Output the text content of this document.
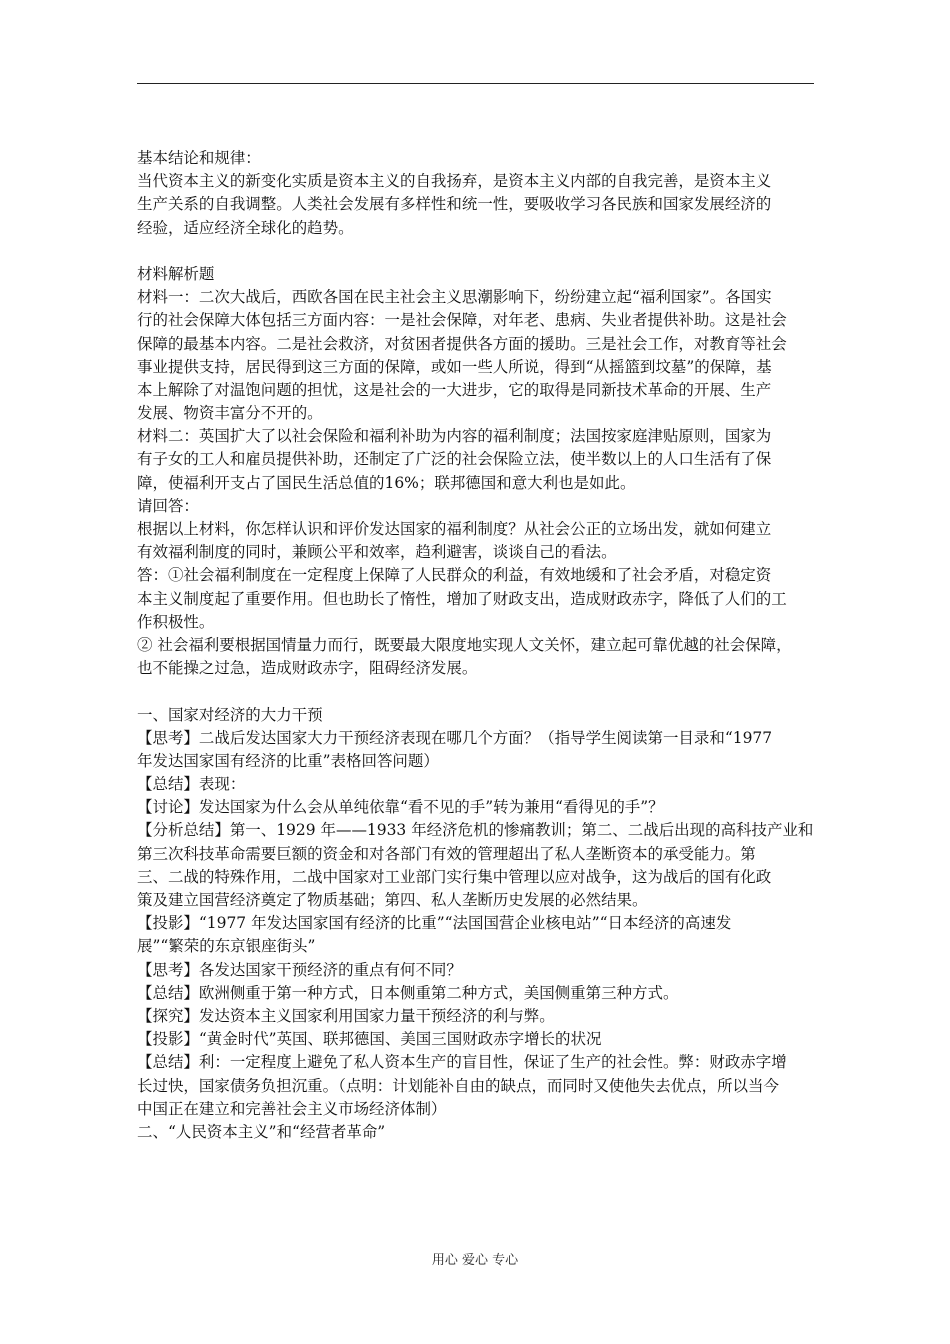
基本结论和规律：
当代资本主义的新变化实质是资本主义的自我扬弃，是资本主义内部的自我完善，是资本主义
生产关系的自我调整。人类社会发展有多样性和统一性，要吸收学习各民族和国家发展经济的
经验，适应经济全球化的趋势。
材料解析题
材料一：二次大战后，西欧各国在民主社会主义思潮影响下，纷纷建立起“福利国家”。各国实
行的社会保障大体包括三方面内容：一是社会保障，对年老、患病、失业者提供补助。这是社会
保障的最基本内容。二是社会救济，对贫困者提供各方面的援助。三是社会工作，对教育等社会
事业提供支持，居民得到这三方面的保障，或如一些人所说，得到“从摇篮到坟墓”的保障，基
本上解除了对温饱问题的担忧，这是社会的一大进步，它的取得是同新技术革命的开展、生产
发展、物资丰富分不开的。
材料二：英国扩大了以社会保险和福利补助为内容的福利制度；法国按家庭津贴原则，国家为
有子女的工人和雇员提供补助，还制定了广泛的社会保险立法，使半数以上的人口生活有了保
障，使福利开支占了国民生活总值的16%；联邦德国和意大利也是如此。
请回答：
根据以上材料，你怎样认识和评价发达国家的福利制度？从社会公正的立场出发，就如何建立
有效福利制度的同时，兼顾公平和效率，趋利避害，谈谈自己的看法。
答：①社会福利制度在一定程度上保障了人民群众的利益，有效地缓和了社会矛盾，对稳定资
本主义制度起了重要作用。但也助长了惰性，增加了财政支出，造成财政赤字，降低了人们的工
作积极性。
② 社会福利要根据国情量力而行，既要最大限度地实现人文关怀，建立起可靠优越的社会保障，
也不能操之过急，造成财政赤字，阻碍经济发展。
一、国家对经济的大力干预
【思考】二战后发达国家大力干预经济表现在哪几个方面？（指导学生阅读第一目录和“1977
年发达国家国有经济的比重”表格回答问题）
【总结】表现：
【讨论】发达国家为什么会从单纯依靠“看不见的手”转为兼用“看得见的手”？
【分析总结】第一、1929 年——1933 年经济危机的惨痛教训；第二、二战后出现的高科技产业和
第三次科技革命需要巨额的资金和对各部门有效的管理超出了私人垄断资本的承受能力。第
三、二战的特殊作用，二战中国家对工业部门实行集中管理以应对战争，这为战后的国有化政
策及建立国营经济奠定了物质基础；第四、私人垄断历史发展的必然结果。
【投影】“1977 年发达国家国有经济的比重”“法国国营企业核电站”“日本经济的高速发
展”“繁荣的东京银座街头”
【思考】各发达国家干预经济的重点有何不同？
【总结】欧洲侧重于第一种方式，日本侧重第二种方式，美国侧重第三种方式。
【探究】发达资本主义国家利用国家力量干预经济的利与弊。
【投影】“黄金时代”英国、联邦德国、美国三国财政赤字增长的状况
【总结】利：一定程度上避免了私人资本生产的盲目性，保证了生产的社会性。弊：财政赤字增
长过快，国家债务负担沉重。（点明：计划能补自由的缺点，而同时又使他失去优点，所以当今
中国正在建立和完善社会主义市场经济体制）
二、“人民资本主义”和“经营者革命”
用心 爱心 专心
